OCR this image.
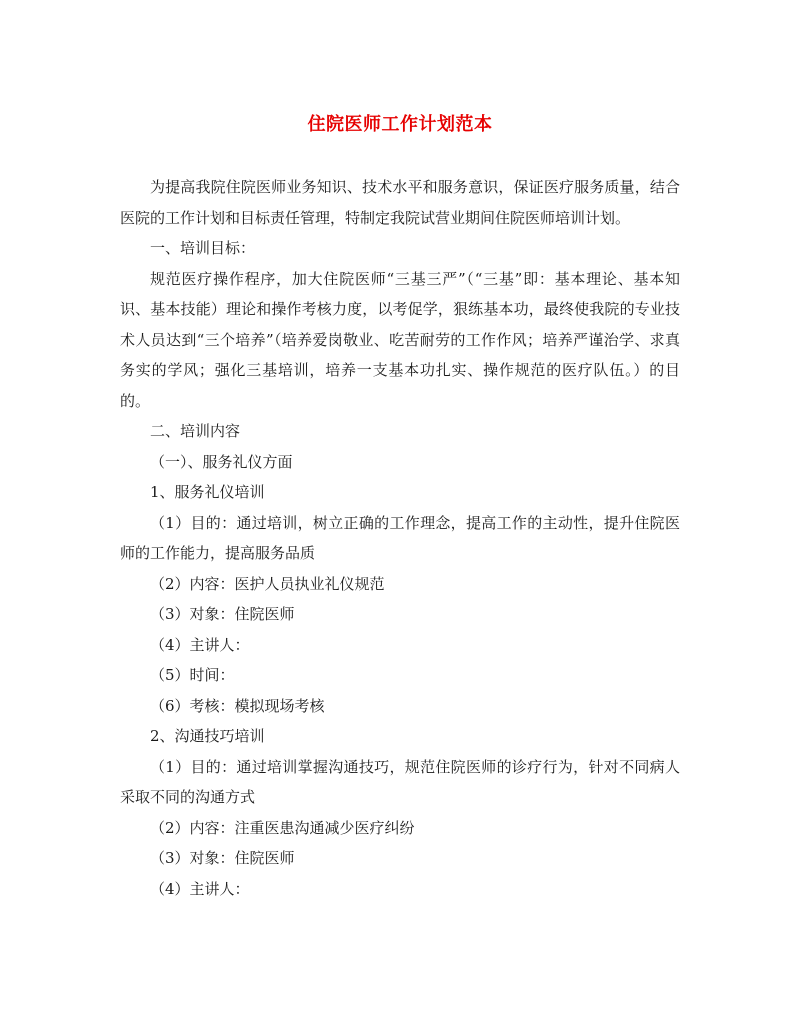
住院医师工作计划范本

为提高我院住院医师业务知识、技术水平和服务意识，保证医疗服务质量，结合医院的工作计划和目标责任管理，特制定我院试营业期间住院医师培训计划。

一、培训目标：

规范医疗操作程序，加大住院医师“三基三严”（“三基”即：基本理论、基本知识、基本技能）理论和操作考核力度，以考促学，狠练基本功，最终使我院的专业技术人员达到“三个培养”（培养爱岗敬业、吃苦耐劳的工作作风；培养严谨治学、求真务实的学风；强化三基培训，培养一支基本功扎实、操作规范的医疗队伍。）的目的。

二、培训内容

（一）、服务礼仪方面

1、服务礼仪培训

（1）目的：通过培训，树立正确的工作理念，提高工作的主动性，提升住院医师的工作能力，提高服务品质

（2）内容：医护人员执业礼仪规范

（3）对象：住院医师

（4）主讲人：

（5）时间：

（6）考核：模拟现场考核

2、沟通技巧培训

（1）目的：通过培训掌握沟通技巧，规范住院医师的诊疗行为，针对不同病人采取不同的沟通方式

（2）内容：注重医患沟通减少医疗纠纷

（3）对象：住院医师

（4）主讲人：
